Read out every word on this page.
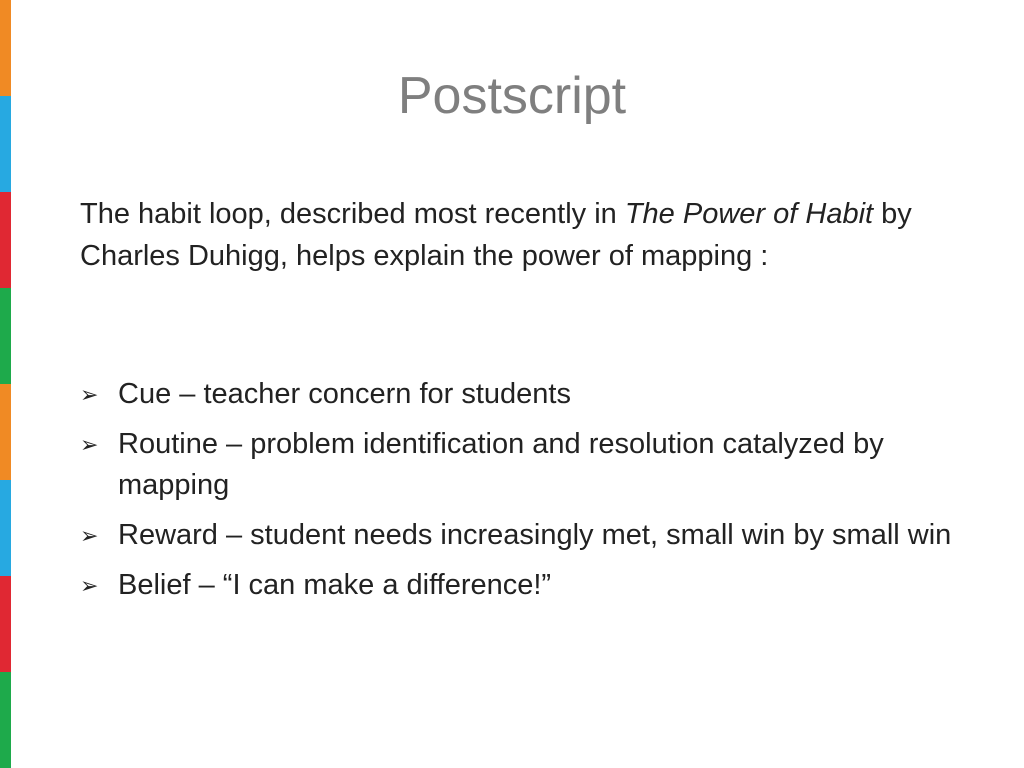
Postscript

The habit loop, described most recently in The Power of Habit by Charles Duhigg, helps explain the power of mapping :

➢ Cue – teacher concern for students
➢ Routine – problem identification and resolution catalyzed by mapping
➢ Reward – student needs increasingly met, small win by small win
➢ Belief – “I can make a difference!”
